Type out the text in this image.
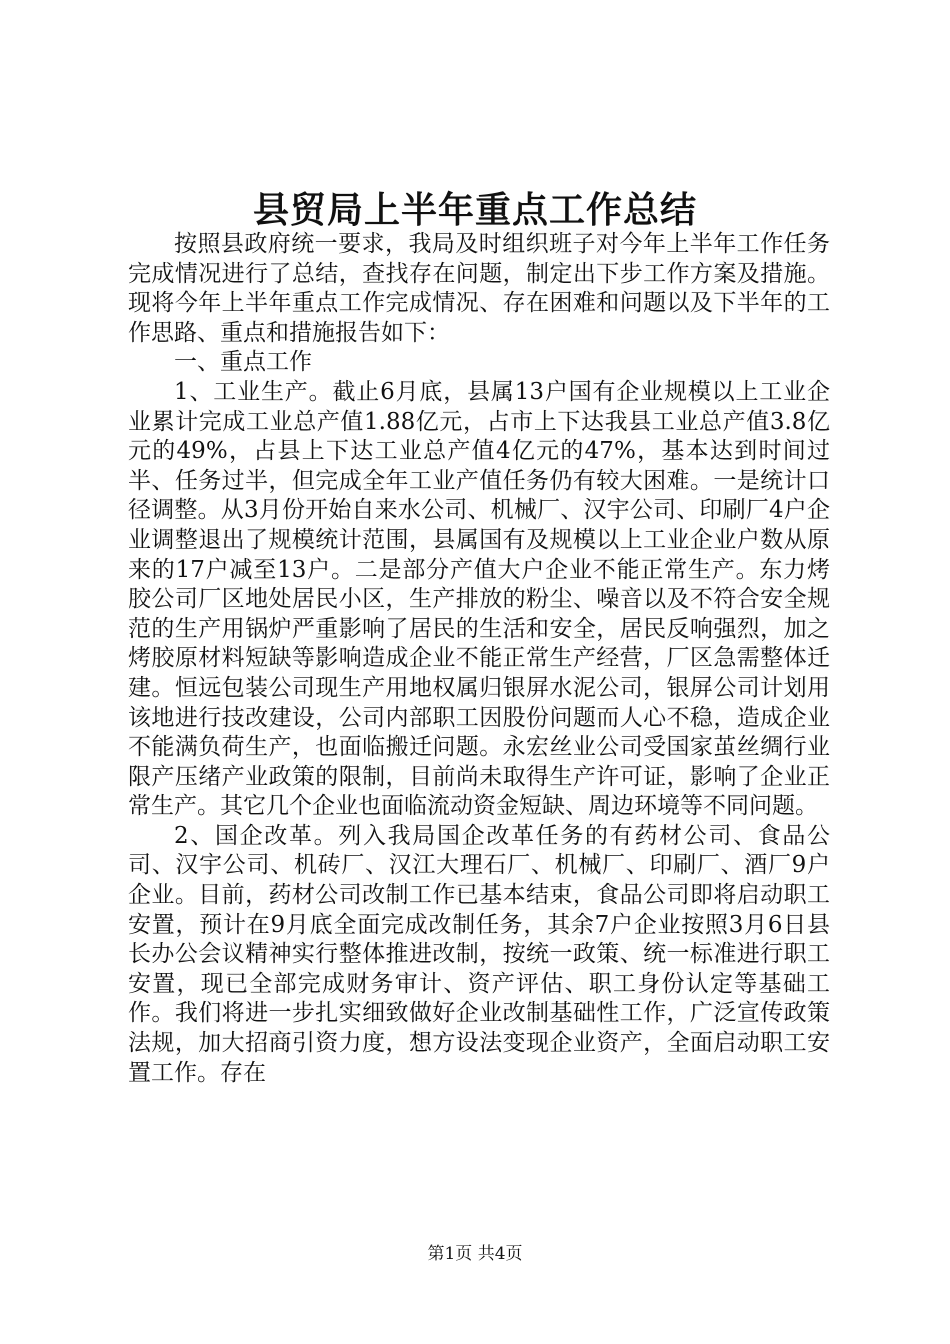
县贸局上半年重点工作总结

按照县政府统一要求，我局及时组织班子对今年上半年工作任务完成情况进行了总结，查找存在问题，制定出下步工作方案及措施。现将今年上半年重点工作完成情况、存在困难和问题以及下半年的工作思路、重点和措施报告如下：

一、重点工作

1、工业生产。截止6月底，县属13户国有企业规模以上工业企业累计完成工业总产值1.88亿元，占市上下达我县工业总产值3.8亿元的49%，占县上下达工业总产值4亿元的47%，基本达到时间过半、任务过半，但完成全年工业产值任务仍有较大困难。一是统计口径调整。从3月份开始自来水公司、机械厂、汉宇公司、印刷厂4户企业调整退出了规模统计范围，县属国有及规模以上工业企业户数从原来的17户减至13户。二是部分产值大户企业不能正常生产。东力烤胶公司厂区地处居民小区，生产排放的粉尘、噪音以及不符合安全规范的生产用锅炉严重影响了居民的生活和安全，居民反响强烈，加之烤胶原材料短缺等影响造成企业不能正常生产经营，厂区急需整体迁建。恒远包装公司现生产用地权属归银屏水泥公司，银屏公司计划用该地进行技改建设，公司内部职工因股份问题而人心不稳，造成企业不能满负荷生产，也面临搬迁问题。永宏丝业公司受国家茧丝绸行业限产压绪产业政策的限制，目前尚未取得生产许可证，影响了企业正常生产。其它几个企业也面临流动资金短缺、周边环境等不同问题。

2、国企改革。列入我局国企改革任务的有药材公司、食品公司、汉宇公司、机砖厂、汉江大理石厂、机械厂、印刷厂、酒厂9户企业。目前，药材公司改制工作已基本结束，食品公司即将启动职工安置，预计在9月底全面完成改制任务，其余7户企业按照3月6日县长办公会议精神实行整体推进改制，按统一政策、统一标准进行职工安置，现已全部完成财务审计、资产评估、职工身份认定等基础工作。我们将进一步扎实细致做好企业改制基础性工作，广泛宣传政策法规，加大招商引资力度，想方设法变现企业资产，全面启动职工安置工作。存在

第1页 共4页
